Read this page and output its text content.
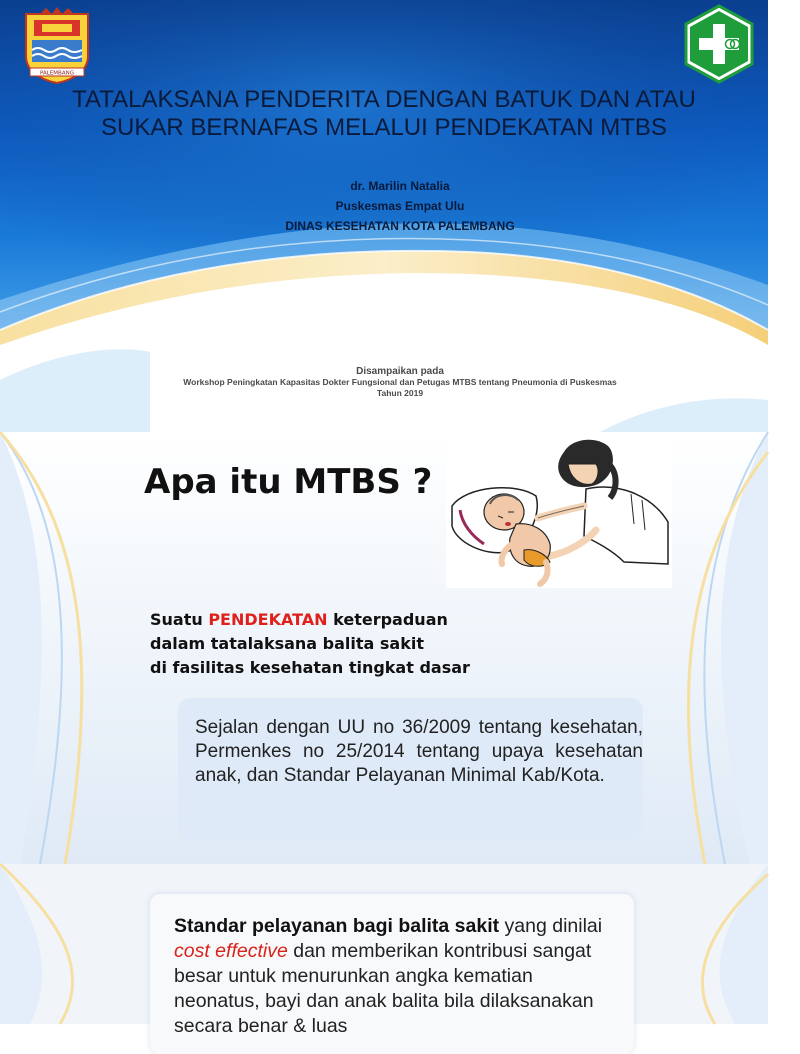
PALEMBANG
TATALAKSANA PENDERITA DENGAN BATUK DAN ATAU
SUKAR BERNAFAS MELALUI PENDEKATAN MTBS
dr. Marilin Natalia
Puskesmas Empat Ulu
DINAS KESEHATAN KOTA PALEMBANG
Disampaikan pada
Workshop Peningkatan Kapasitas Dokter Fungsional dan Petugas MTBS tentang Pneumonia di Puskesmas
Tahun 2019
Apa itu MTBS ?
Suatu PENDEKATAN keterpaduan
dalam tatalaksana balita sakit
di fasilitas kesehatan tingkat dasar

Sejalan dengan UU no 36/2009 tentang kesehatan, Permenkes no 25/2014 tentang upaya kesehatan anak, dan Standar Pelayanan Minimal Kab/Kota.

Standar pelayanan bagi balita sakit yang dinilai cost effective dan memberikan kontribusi sangat besar untuk menurunkan angka kematian neonatus, bayi dan anak balita bila dilaksanakan secara benar & luas
